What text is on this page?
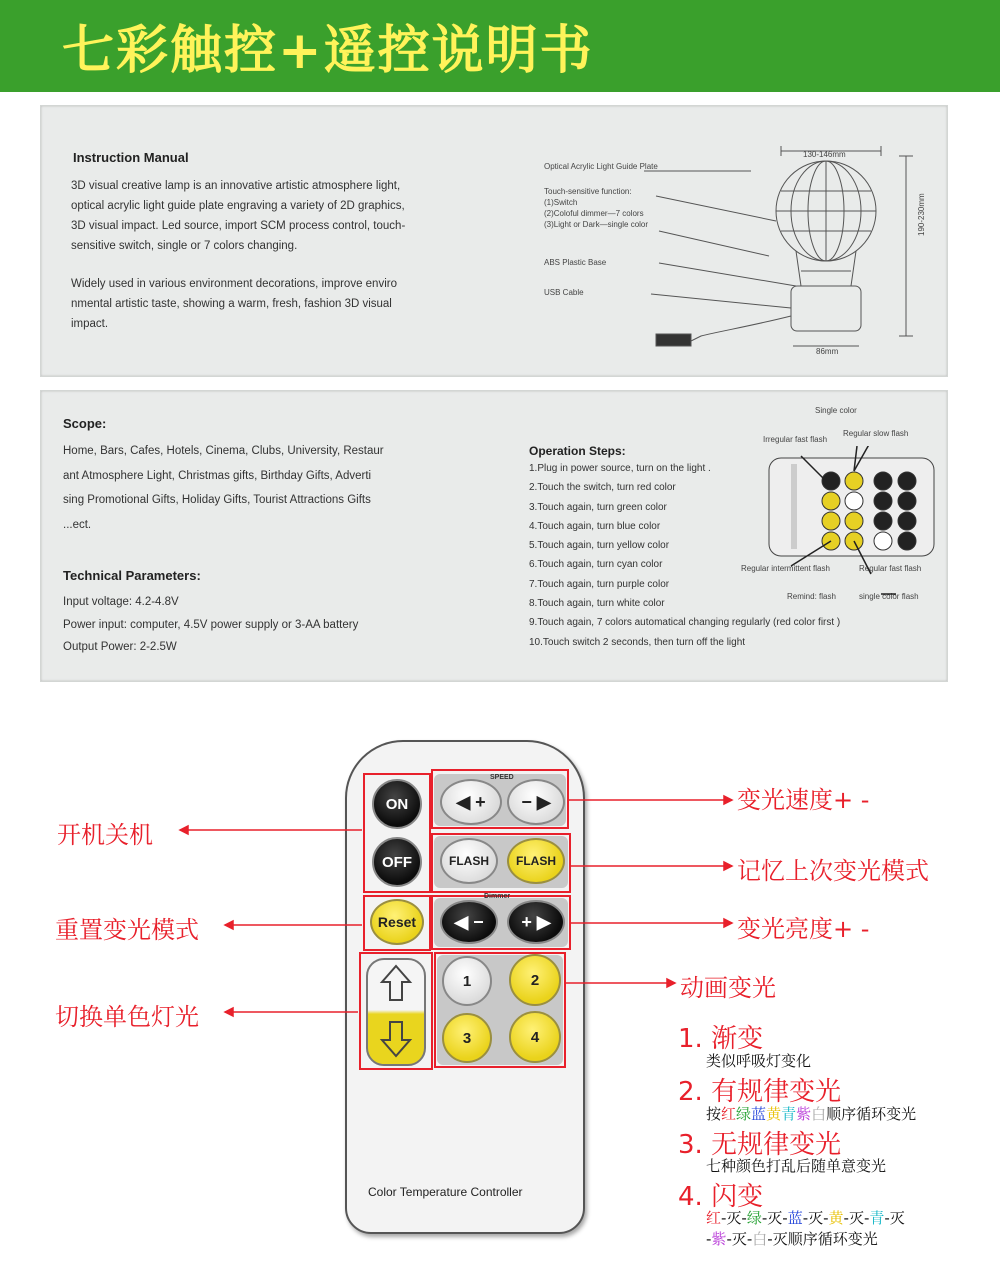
七彩触控+遥控说明书
Instruction Manual
3D visual creative lamp is an innovative artistic atmosphere light,
optical acrylic light guide plate engraving a variety of 2D graphics,
3D visual impact. Led source, import SCM process control, touch-
sensitive switch, single or 7 colors changing.
Widely used in various environment decorations, improve enviro
nmental artistic taste, showing a warm, fresh, fashion 3D visual
impact.
Optical Acrylic Light Guide Plate
Touch-sensitive function:
(1)Switch
(2)Coloful dimmer—7 colors
(3)Light or Dark—single color
ABS Plastic Base
USB Cable
130-146mm
190-230mm
86mm
Scope:
Home, Bars, Cafes, Hotels, Cinema, Clubs, University, Restaur
ant Atmosphere Light, Christmas gifts, Birthday Gifts, Adverti
sing Promotional Gifts, Holiday Gifts, Tourist Attractions Gifts
...ect.
Technical Parameters:
Input voltage: 4.2-4.8V
Power input: computer, 4.5V power supply or 3-AA battery
Output Power: 2-2.5W
Operation Steps:
1.Plug in power source, turn on the light .
2.Touch the switch, turn red color
3.Touch again, turn green color
4.Touch again, turn blue color
5.Touch again, turn yellow color
6.Touch again, turn cyan color
7.Touch again, turn purple color
8.Touch again, turn white color
9.Touch again, 7 colors automatical changing regularly (red color first )
10.Touch switch 2 seconds, then turn off the light
Single color
Irregular fast flash
Regular slow flash
Regular intermittent flash	Regular fast flash
Remind: flash	single color flash
SPEED
Dimmer
ON
OFF
Reset
◀ + − ▶
FLASH	FLASH
◀ − + ▶
1	2
3	4
Color Temperature Controller
开机关机
重置变光模式
切换单色灯光
变光速度+ -
记忆上次变光模式
变光亮度+ -
动画变光
1. 渐变
类似呼吸灯变化
2. 有规律变光
按红绿蓝黄青紫白顺序循环变光
3. 无规律变光
七种颜色打乱后随单意变光
4. 闪变
红-灭-绿-灭-蓝-灭-黄-灭-青-灭
-紫-灭-白-灭顺序循环变光
